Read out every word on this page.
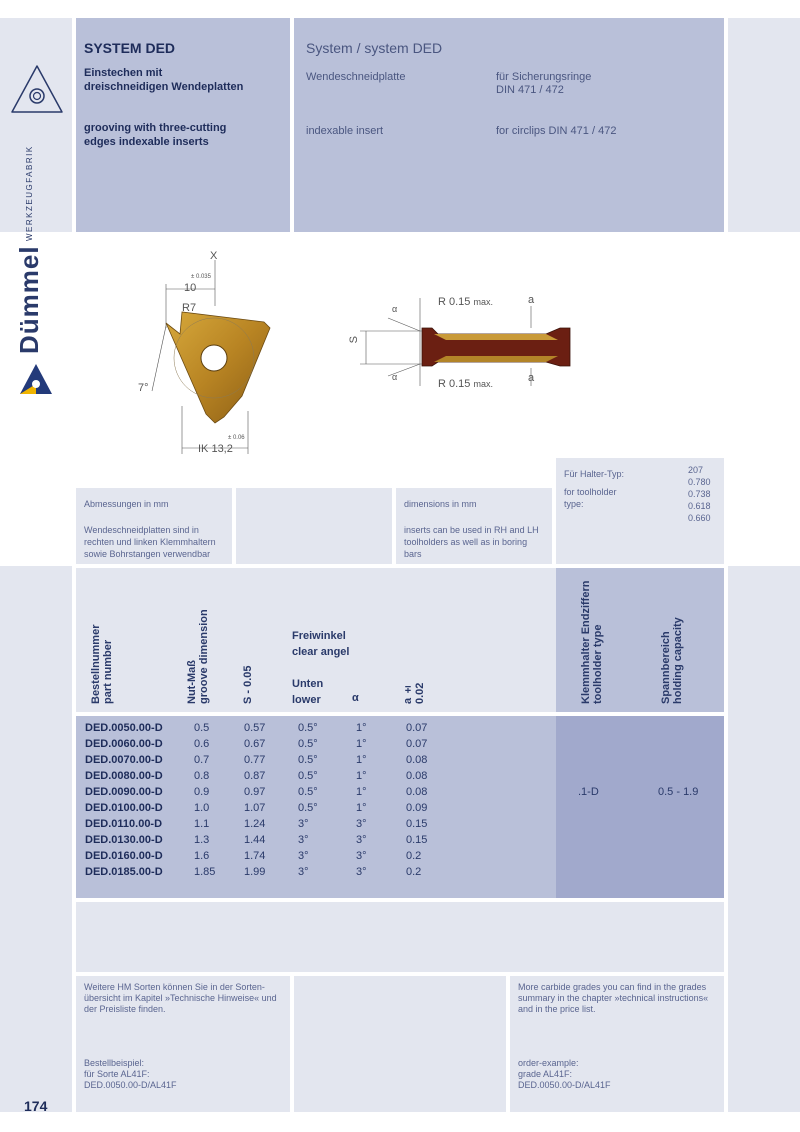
Dümmel
WERKZEUGFABRIK
SYSTEM DED
Einstechen mit
dreischneidigen Wendeplatten
grooving with three-cutting
edges indexable inserts
System / system DED
Wendeschneidplatte
indexable insert
für Sicherungsringe
DIN 471 / 472
for circlips DIN 471 / 472
X
± 0.035
10
R7
7°
± 0.06
IK 13,2
R 0.15 max.
R 0.15 max.
α
α
S
a
a
Abmessungen in mm
Wendeschneidplatten sind in rechten und linken Klemmhaltern sowie Bohrstangen verwendbar
dimensions in mm
inserts can be used in RH and LH toolholders as well as in boring bars
Für Halter-Typ:
for toolholder type:
207
0.780
0.738
0.618
0.660
Bestellnummer
part number
Nut-Maß
groove dimension
S - 0.05
Freiwinkel
clear angel
Unten
lower	α	a ± 0.02	Klemmhalter Endziffern
toolholder type	Spannbereich
holding capacity
DED.0050.00-D	0.5	0.57	0.5°	1°	0.07
DED.0060.00-D	0.6	0.67	0.5°	1°	0.07
DED.0070.00-D	0.7	0.77	0.5°	1°	0.08
DED.0080.00-D	0.8	0.87	0.5°	1°	0.08
DED.0090.00-D	0.9	0.97	0.5°	1°	0.08
DED.0100.00-D	1.0	1.07	0.5°	1°	0.09
DED.0110.00-D	1.1	1.24	3°	3°	0.15
DED.0130.00-D	1.3	1.44	3°	3°	0.15
DED.0160.00-D	1.6	1.74	3°	3°	0.2
DED.0185.00-D	1.85	1.99	3°	3°	0.2
.1-D	0.5 - 1.9
Weitere HM Sorten können Sie in der Sorten-übersicht im Kapitel »Technische Hinweise« und der Preisliste finden.
Bestellbeispiel:
für Sorte AL41F:
DED.0050.00-D/AL41F
More carbide grades you can find in the grades summary in the chapter »technical instructions«
and in the price list.
order-example:
grade AL41F:
DED.0050.00-D/AL41F
174
